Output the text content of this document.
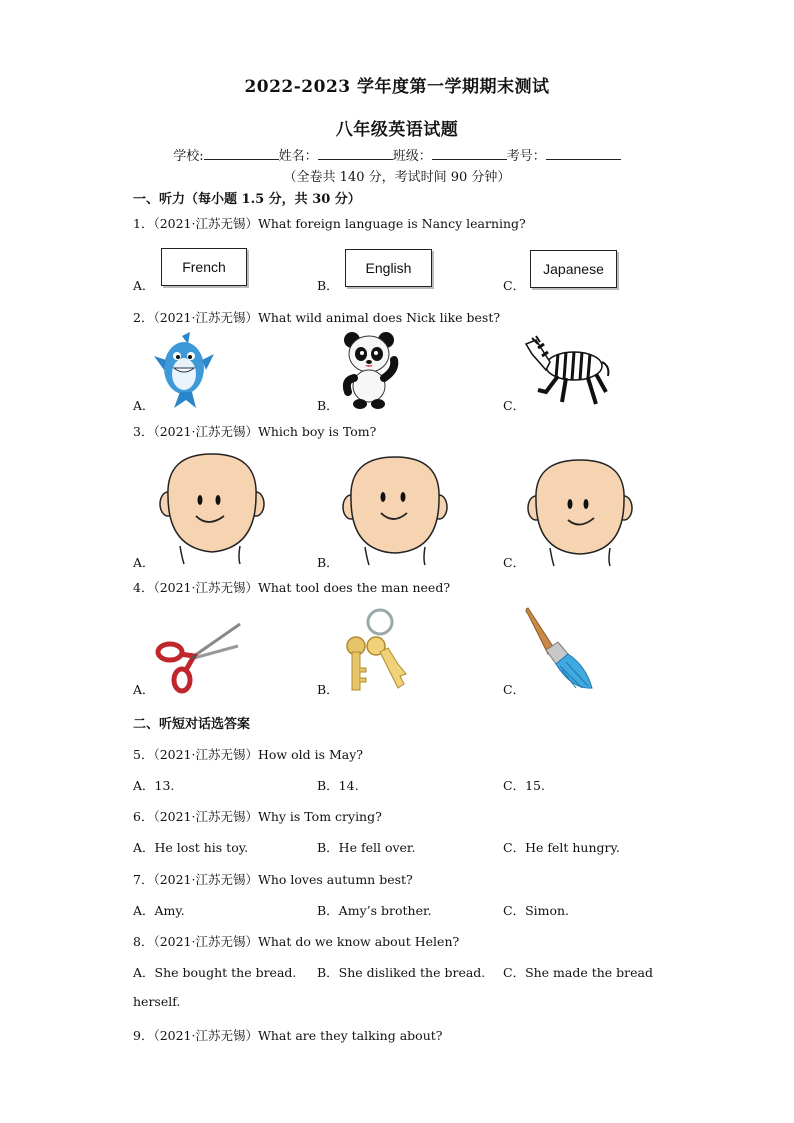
2022-2023 学年度第一学期期末测试
八年级英语试题
学校:	姓名：	班级：	考号：
（全卷共 140 分，考试时间 90 分钟）
一、听力（每小题 1.5 分，共 30 分）
1．（2021·江苏无锡）What foreign language is Nancy learning?
French	English	Japanese
A．	B．	C．
2．（2021·江苏无锡）What wild animal does Nick like best?
A．	B．	C．
3．（2021·江苏无锡）Which boy is Tom?
A．	B．	C．
4．（2021·江苏无锡）What tool does the man need?
A．	B．	C．
二、听短对话选答案
5．（2021·江苏无锡）How old is May?
A．13.	B．14.	C．15.
6．（2021·江苏无锡）Why is Tom crying?
A．He lost his toy.	B．He fell over.	C．He felt hungry.
7．（2021·江苏无锡）Who loves autumn best?
A．Amy.	B．Amy’s brother.	C．Simon.
8．（2021·江苏无锡）What do we know about Helen?
A．She bought the bread. B．She disliked the bread. C．She made the bread
herself.
9．（2021·江苏无锡）What are they talking about?
